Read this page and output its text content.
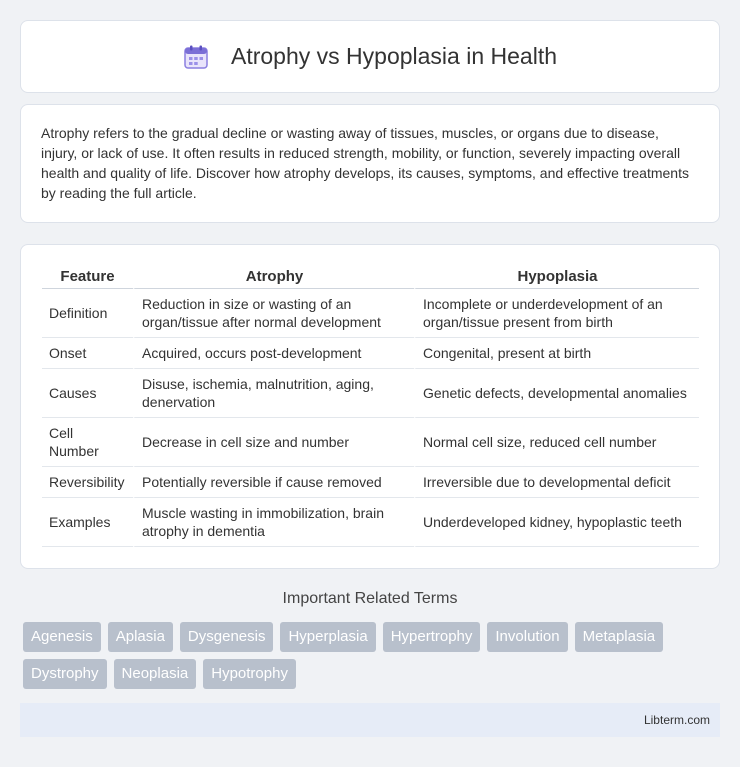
Atrophy vs Hypoplasia in Health

Atrophy refers to the gradual decline or wasting away of tissues, muscles, or organs due to disease, injury, or lack of use. It often results in reduced strength, mobility, or function, severely impacting overall health and quality of life. Discover how atrophy develops, its causes, symptoms, and effective treatments by reading the full article.

Feature	Atrophy	Hypoplasia
Definition	Reduction in size or wasting of an organ/tissue after normal development	Incomplete or underdevelopment of an organ/tissue present from birth
Onset	Acquired, occurs post-development	Congenital, present at birth
Causes	Disuse, ischemia, malnutrition, aging, denervation	Genetic defects, developmental anomalies
Cell Number	Decrease in cell size and number	Normal cell size, reduced cell number
Reversibility	Potentially reversible if cause removed	Irreversible due to developmental deficit
Examples	Muscle wasting in immobilization, brain atrophy in dementia	Underdeveloped kidney, hypoplastic teeth
Important Related Terms
Agenesis	Aplasia	Dysgenesis	Hyperplasia	Hypertrophy	Involution	Metaplasia
Dystrophy	Neoplasia	Hypotrophy
Libterm.com
